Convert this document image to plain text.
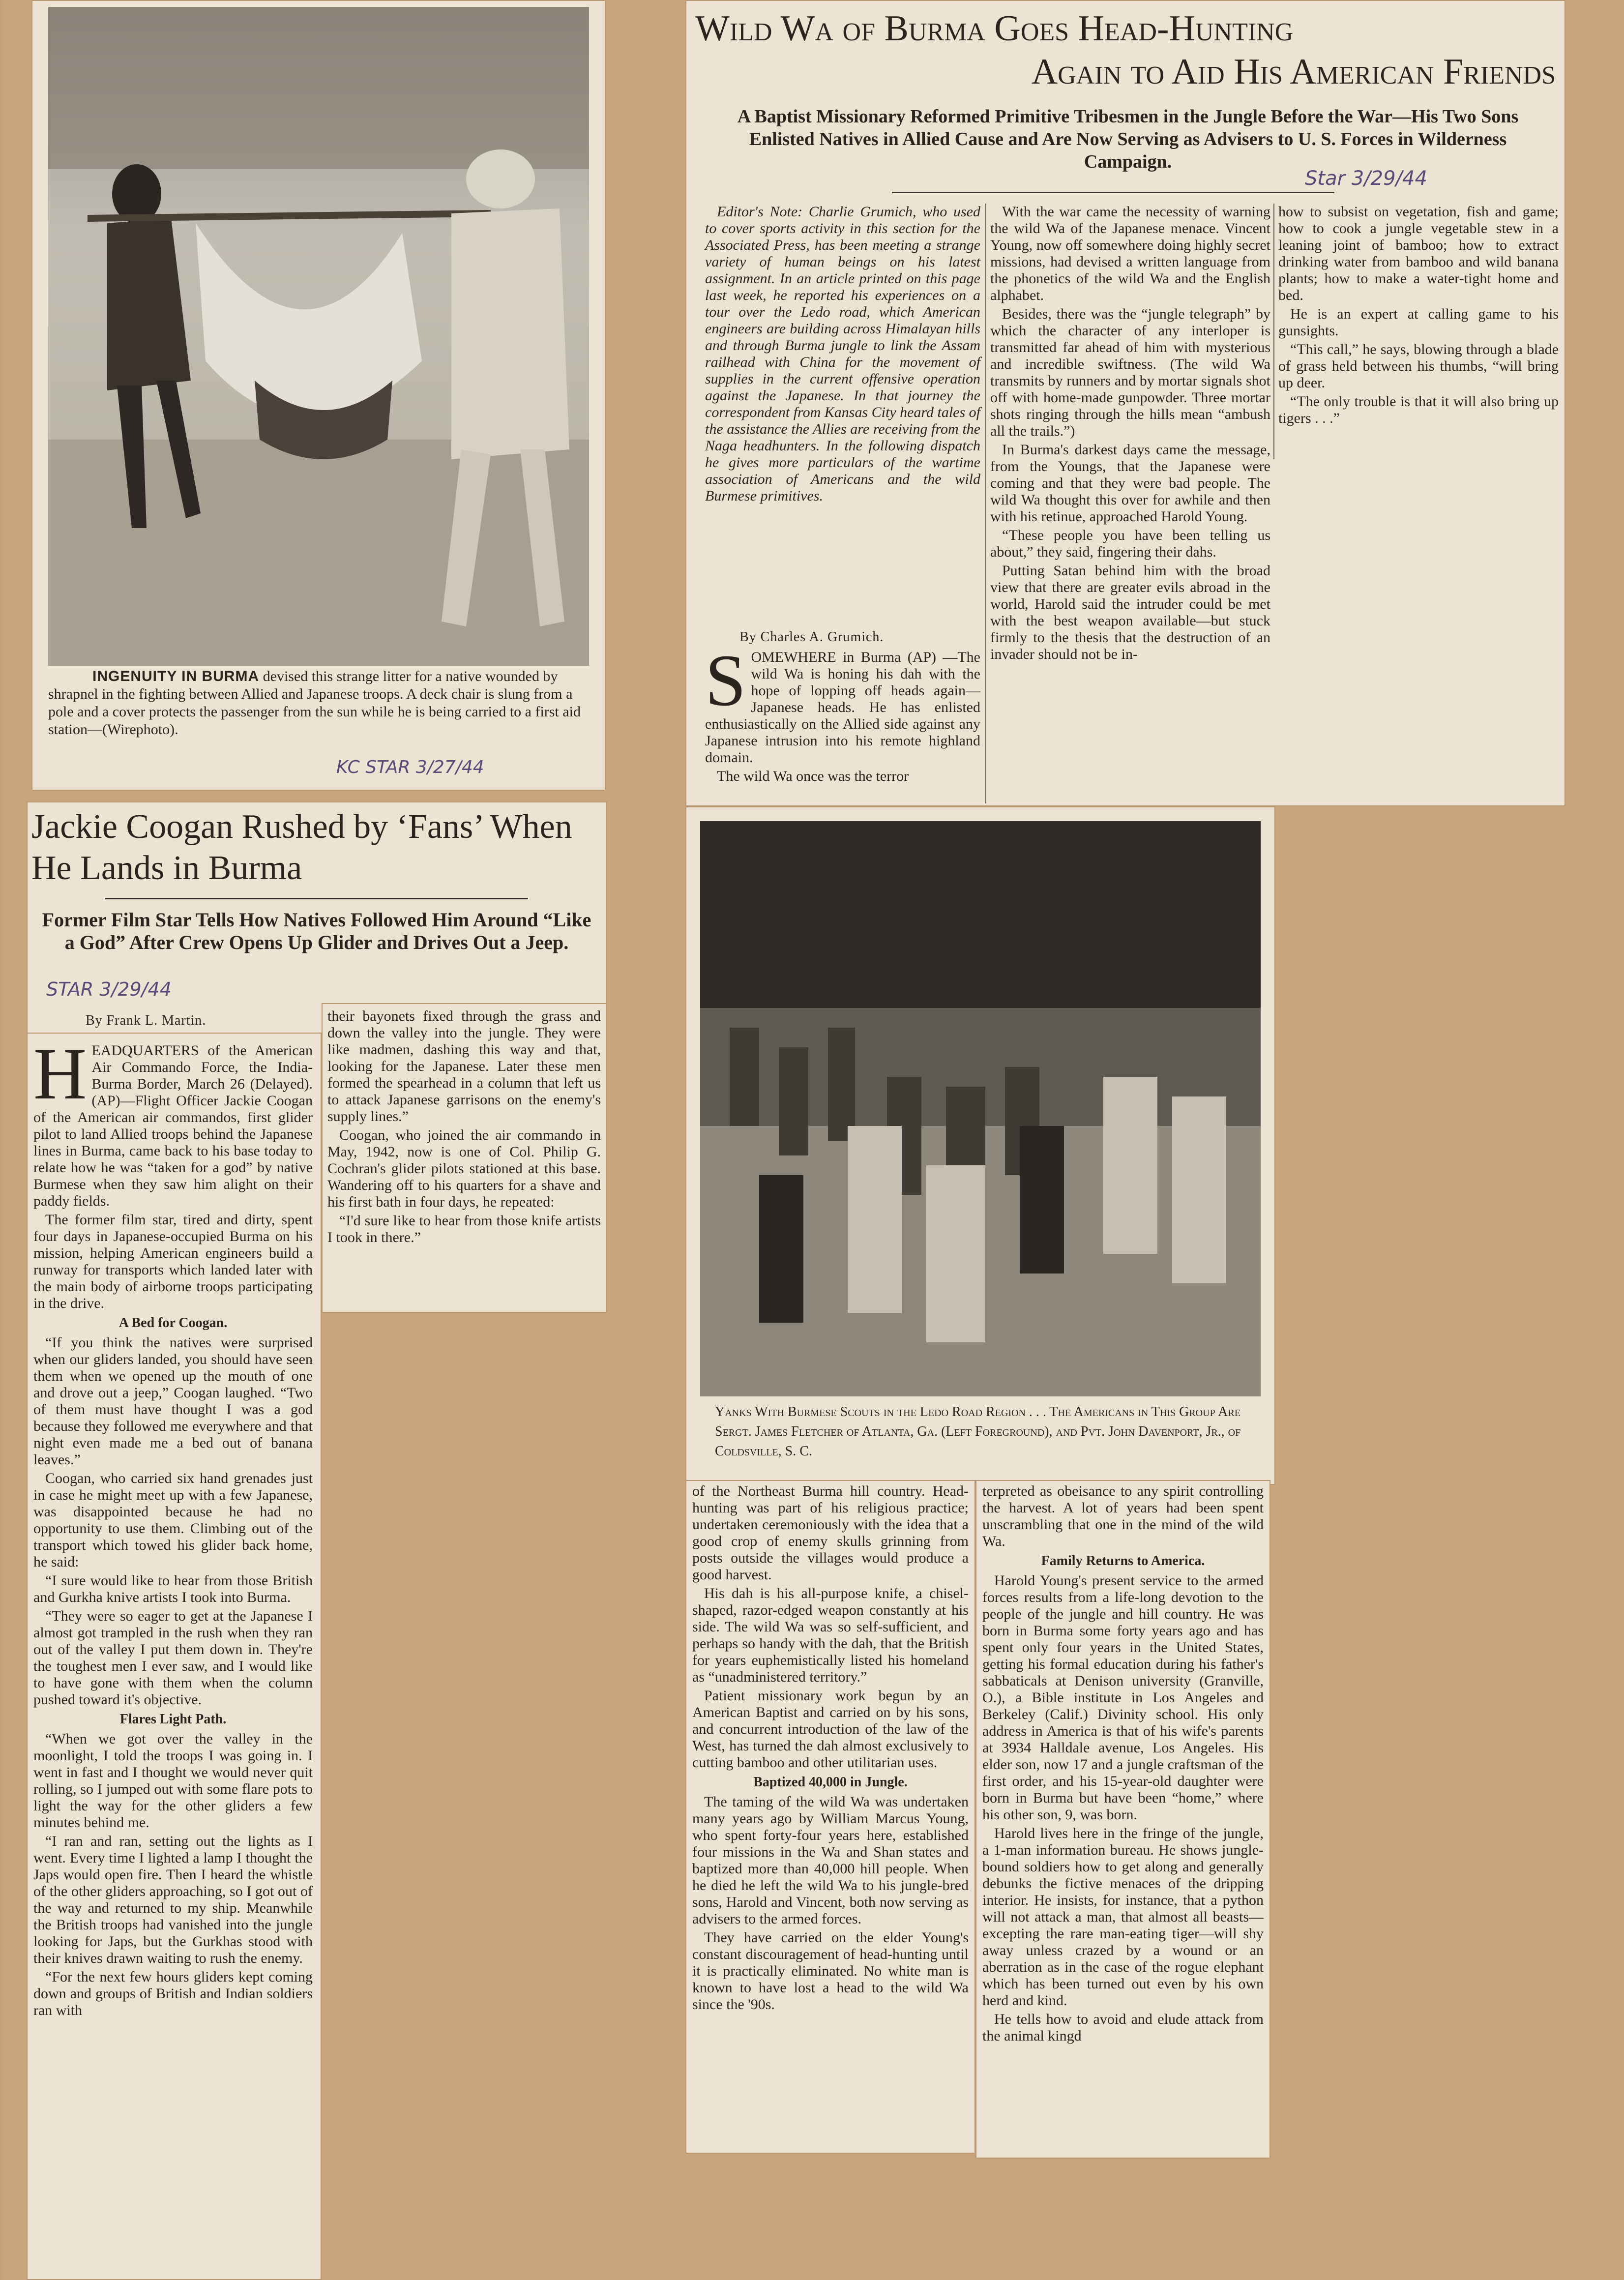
INGENUITY IN BURMA devised this strange litter for a native wounded by shrapnel in the fighting between Allied and Japanese troops. A deck chair is slung from a pole and a cover protects the passenger from the sun while he is being carried to a first aid station—(Wirephoto).
KC STAR 3/27/44
Jackie Coogan Rushed by ‘Fans’ When He Lands in Burma
Former Film Star Tells How Natives Followed Him Around “Like a God” After Crew Opens Up Glider and Drives Out a Jeep.
STAR 3/29/44
By Frank L. Martin.

HEADQUARTERS of the American Air Commando Force, the India-Burma Border, March 26 (Delayed).(AP)—Flight Officer Jackie Coogan of the American air commandos, first glider pilot to land Allied troops behind the Japanese lines in Burma, came back to his base today to relate how he was “taken for a god” by native Burmese when they saw him alight on their paddy fields.

The former film star, tired and dirty, spent four days in Japanese-occupied Burma on his mission, helping American engineers build a runway for transports which landed later with the main body of airborne troops participating in the drive.

A Bed for Coogan.

“If you think the natives were surprised when our gliders landed, you should have seen them when we opened up the mouth of one and drove out a jeep,” Coogan laughed. “Two of them must have thought I was a god because they followed me everywhere and that night even made me a bed out of banana leaves.”

Coogan, who carried six hand grenades just in case he might meet up with a few Japanese, was disappointed because he had no opportunity to use them. Climbing out of the transport which towed his glider back home, he said:

“I sure would like to hear from those British and Gurkha knive artists I took into Burma.

“They were so eager to get at the Japanese I almost got trampled in the rush when they ran out of the valley I put them down in. They're the toughest men I ever saw, and I would like to have gone with them when the column pushed toward it's objective.

Flares Light Path.

“When we got over the valley in the moonlight, I told the troops I was going in. I went in fast and I thought we would never quit rolling, so I jumped out with some flare pots to light the way for the other gliders a few minutes behind me.

“I ran and ran, setting out the lights as I went. Every time I lighted a lamp I thought the Japs would open fire. Then I heard the whistle of the other gliders approaching, so I got out of the way and returned to my ship. Meanwhile the British troops had vanished into the jungle looking for Japs, but the Gurkhas stood with their knives drawn waiting to rush the enemy.

“For the next few hours gliders kept coming down and groups of British and Indian soldiers ran with

their bayonets fixed through the grass and down the valley into the jungle. They were like madmen, dashing this way and that, looking for the Japanese. Later these men formed the spearhead in a column that left us to attack Japanese garrisons on the enemy's supply lines.”

Coogan, who joined the air commando in May, 1942, now is one of Col. Philip G. Cochran's glider pilots stationed at this base. Wandering off to his quarters for a shave and his first bath in four days, he repeated:

“I'd sure like to hear from those knife artists I took in there.”

Wild Wa of Burma Goes Head-Hunting
Again to Aid His American Friends
A Baptist Missionary Reformed Primitive Tribesmen in the Jungle Before the War—His Two Sons Enlisted Natives in Allied Cause and Are Now Serving as Advisers to U. S. Forces in Wilderness Campaign.
Star 3/29/44

Editor's Note: Charlie Grumich, who used to cover sports activity in this section for the Associated Press, has been meeting a strange variety of human beings on his latest assignment. In an article printed on this page last week, he reported his experiences on a tour over the Ledo road, which American engineers are building across Himalayan hills and through Burma jungle to link the Assam railhead with China for the movement of supplies in the current offensive operation against the Japanese. In that journey the correspondent from Kansas City heard tales of the assistance the Allies are receiving from the Naga headhunters. In the following dispatch he gives more particulars of the wartime association of Americans and the wild Burmese primitives.

By Charles A. Grumich.

SOMEWHERE in Burma (AP) —The wild Wa is honing his dah with the hope of lopping off heads again—Japanese heads. He has enlisted enthusiastically on the Allied side against any Japanese intrusion into his remote highland domain.

The wild Wa once was the terror

With the war came the necessity of warning the wild Wa of the Japanese menace. Vincent Young, now off somewhere doing highly secret missions, had devised a written language from the phonetics of the wild Wa and the English alphabet.

Besides, there was the “jungle telegraph” by which the character of any interloper is transmitted far ahead of him with mysterious and incredible swiftness. (The wild Wa transmits by runners and by mortar signals shot off with home-made gunpowder. Three mortar shots ringing through the hills mean “ambush all the trails.”)

In Burma's darkest days came the message, from the Youngs, that the Japanese were coming and that they were bad people. The wild Wa thought this over for awhile and then with his retinue, approached Harold Young.

“These people you have been telling us about,” they said, fingering their dahs.

Putting Satan behind him with the broad view that there are greater evils abroad in the world, Harold said the intruder could be met with the best weapon available—but stuck firmly to the thesis that the destruction of an invader should not be in-

how to subsist on vegetation, fish and game; how to cook a jungle vegetable stew in a leaning joint of bamboo; how to extract drinking water from bamboo and wild banana plants; how to make a water-tight home and bed.

He is an expert at calling game to his gunsights.

“This call,” he says, blowing through a blade of grass held between his thumbs, “will bring up deer.

“The only trouble is that it will also bring up tigers . . .”

Yanks With Burmese Scouts in the Ledo Road Region . . . The Americans in This Group Are Sergt. James Fletcher of Atlanta, Ga. (Left Foreground), and Pvt. John Davenport, Jr., of Coldsville, S. C.

of the Northeast Burma hill country. Head-hunting was part of his religious practice; undertaken ceremoniously with the idea that a good crop of enemy skulls grinning from posts outside the villages would produce a good harvest.

His dah is his all-purpose knife, a chisel-shaped, razor-edged weapon constantly at his side. The wild Wa was so self-sufficient, and perhaps so handy with the dah, that the British for years euphemistically listed his homeland as “unadministered territory.”

Patient missionary work begun by an American Baptist and carried on by his sons, and concurrent introduction of the law of the West, has turned the dah almost exclusively to cutting bamboo and other utilitarian uses.

Baptized 40,000 in Jungle.

The taming of the wild Wa was undertaken many years ago by William Marcus Young, who spent forty-four years here, established four missions in the Wa and Shan states and baptized more than 40,000 hill people. When he died he left the wild Wa to his jungle-bred sons, Harold and Vincent, both now serving as advisers to the armed forces.

They have carried on the elder Young's constant discouragement of head-hunting until it is practically eliminated. No white man is known to have lost a head to the wild Wa since the '90s.

terpreted as obeisance to any spirit controlling the harvest. A lot of years had been spent unscrambling that one in the mind of the wild Wa.

Family Returns to America.

Harold Young's present service to the armed forces results from a life-long devotion to the people of the jungle and hill country. He was born in Burma some forty years ago and has spent only four years in the United States, getting his formal education during his father's sabbaticals at Denison university (Granville, O.), a Bible institute in Los Angeles and Berkeley (Calif.) Divinity school. His only address in America is that of his wife's parents at 3934 Halldale avenue, Los Angeles. His elder son, now 17 and a jungle craftsman of the first order, and his 15-year-old daughter were born in Burma but have been “home,” where his other son, 9, was born.

Harold lives here in the fringe of the jungle, a 1-man information bureau. He shows jungle-bound soldiers how to get along and generally debunks the fictive menaces of the dripping interior. He insists, for instance, that a python will not attack a man, that almost all beasts—excepting the rare man-eating tiger—will shy away unless crazed by a wound or an aberration as in the case of the rogue elephant which has been turned out even by his own herd and kind.

He tells how to avoid and elude attack from the animal kingd
